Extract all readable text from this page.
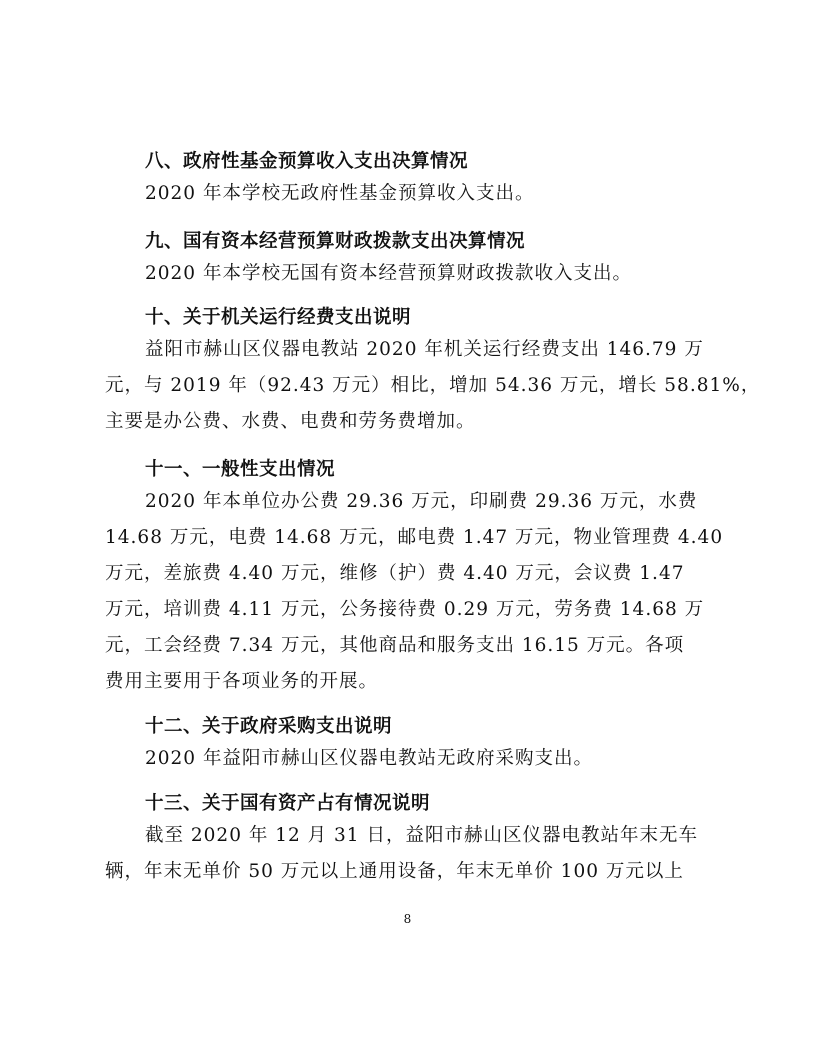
八、政府性基金预算收入支出决算情况
2020 年本学校无政府性基金预算收入支出。
九、国有资本经营预算财政拨款支出决算情况
2020 年本学校无国有资本经营预算财政拨款收入支出。
十、关于机关运行经费支出说明
益阳市赫山区仪器电教站 2020 年机关运行经费支出 146.79 万
元，与 2019 年（92.43 万元）相比，增加 54.36 万元，增长 58.81%，
主要是办公费、水费、电费和劳务费增加。
十一、一般性支出情况
2020 年本单位办公费 29.36 万元，印刷费 29.36 万元，水费
14.68 万元，电费 14.68 万元，邮电费 1.47 万元，物业管理费 4.40
万元，差旅费 4.40 万元，维修（护）费 4.40 万元，会议费 1.47
万元，培训费 4.11 万元，公务接待费 0.29 万元，劳务费 14.68 万
元，工会经费 7.34 万元，其他商品和服务支出 16.15 万元。各项
费用主要用于各项业务的开展。
十二、关于政府采购支出说明
2020 年益阳市赫山区仪器电教站无政府采购支出。
十三、关于国有资产占有情况说明
截至 2020 年 12 月 31 日，益阳市赫山区仪器电教站年末无车
辆，年末无单价 50 万元以上通用设备，年末无单价 100 万元以上
8
